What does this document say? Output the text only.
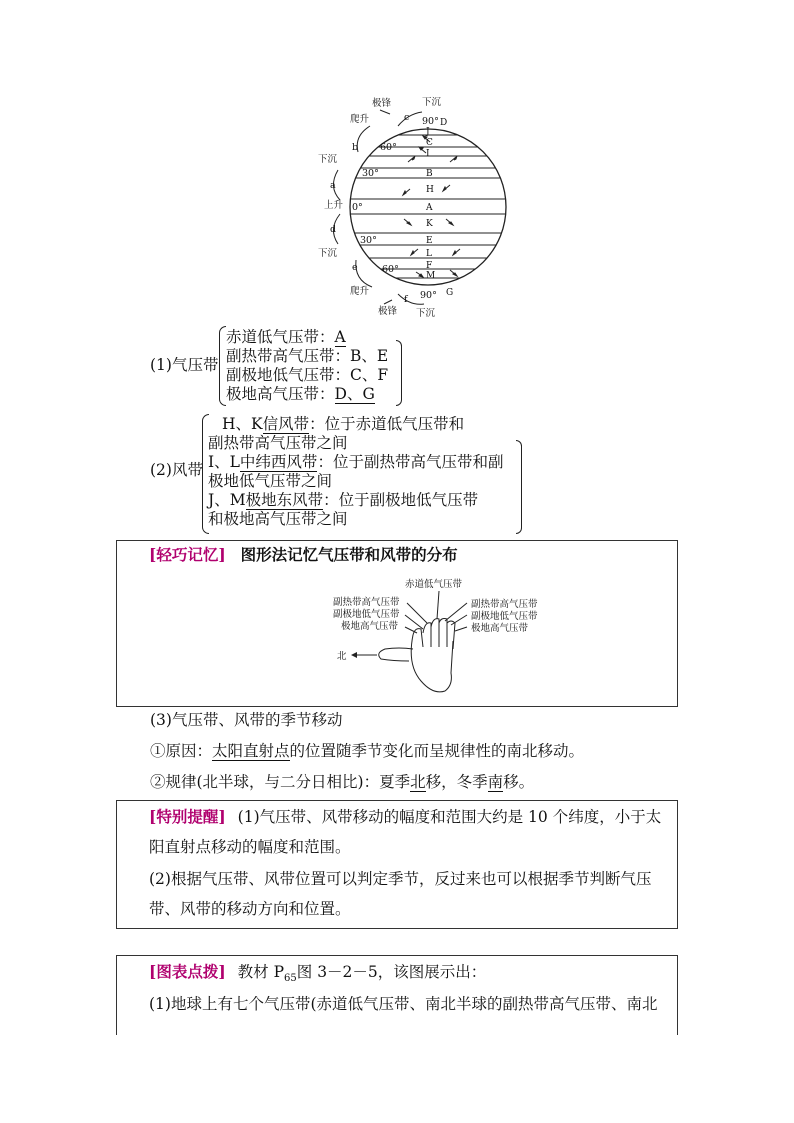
极锋	下沉
90°
c
爬升
b 60°
下沉
a
30°
上升 0°
d
30°
下沉
e	60°
爬升
f 90°
极锋 下沉
D
J
C
I
B
H
A
K
E
L
F
M
G
(1)气压带
赤道低气压带：A
副热带高气压带：B、E
副极地低气压带：C、F
极地高气压带：D、G
(2)风带
H、K信风带：位于赤道低气压带和
副热带高气压带之间
I、L中纬西风带：位于副热带高气压带和副
极地低气压带之间
J、M极地东风带：位于副极地低气压带
和极地高气压带之间
[轻巧记忆] 图形法记忆气压带和风带的分布
赤道低气压带
副热带高气压带
副极地低气压带
极地高气压带
副热带高气压带
副极地低气压带
极地高气压带
北
(3)气压带、风带的季节移动
①原因：太阳直射点的位置随季节变化而呈规律性的南北移动。
②规律(北半球，与二分日相比)：夏季北移，冬季南移。
[特别提醒] (1)气压带、风带移动的幅度和范围大约是 10 个纬度，小于太
阳直射点移动的幅度和范围。
(2)根据气压带、风带位置可以判定季节，反过来也可以根据季节判断气压
带、风带的移动方向和位置。
[图表点拨] 教材 $P_{65}$图 3－2－5，该图展示出：
(1)地球上有七个气压带(赤道低气压带、南北半球的副热带高气压带、南北
